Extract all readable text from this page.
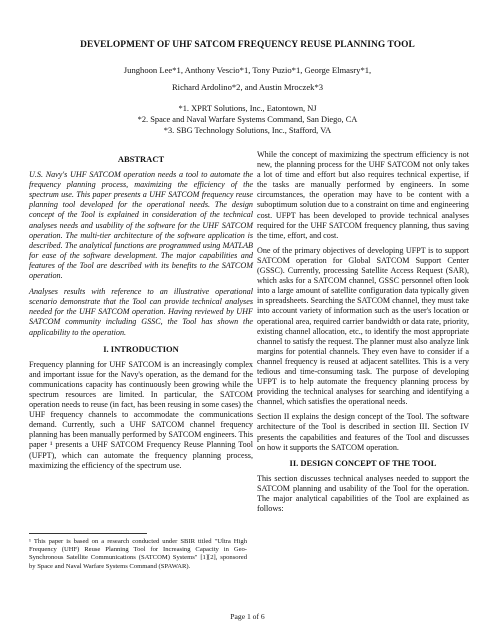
DEVELOPMENT OF UHF SATCOM FREQUENCY REUSE PLANNING TOOL
Junghoon Lee*1, Anthony Vescio*1, Tony Puzio*1, George Elmasry*1,
Richard Ardolino*2, and Austin Mroczek*3
*1. XPRT Solutions, Inc., Eatontown, NJ
*2. Space and Naval Warfare Systems Command, San Diego, CA
*3. SBG Technology Solutions, Inc., Stafford, VA
ABSTRACT

U.S. Navy's UHF SATCOM operation needs a tool to automate the frequency planning process, maximizing the efficiency of the spectrum use. This paper presents a UHF SATCOM frequency reuse planning tool developed for the operational needs. The design concept of the Tool is explained in consideration of the technical analyses needs and usability of the software for the UHF SATCOM operation. The multi-tier architecture of the software application is described. The analytical functions are programmed using MATLAB for ease of the software development. The major capabilities and features of the Tool are described with its benefits to the SATCOM operation.

Analyses results with reference to an illustrative operational scenario demonstrate that the Tool can provide technical analyses needed for the UHF SATCOM operation. Having reviewed by UHF SATCOM community including GSSC, the Tool has shown the applicability to the operation.

I. INTRODUCTION

Frequency planning for UHF SATCOM is an increasingly complex and important issue for the Navy's operation, as the demand for the communications capacity has continuously been growing while the spectrum resources are limited. In particular, the SATCOM operation needs to reuse (in fact, has been reusing in some cases) the UHF frequency channels to accommodate the communications demand. Currently, such a UHF SATCOM channel frequency planning has been manually performed by SATCOM engineers. This paper ¹ presents a UHF SATCOM Frequency Reuse Planning Tool (UFPT), which can automate the frequency planning process, maximizing the efficiency of the spectrum use.

¹ This paper is based on a research conducted under SBIR titled "Ultra High Frequency (UHF) Reuse Planning Tool for Increasing Capacity in Geo-Synchronous Satellite Communications (SATCOM) Systems" [1][2], sponsored by Space and Naval Warfare Systems Command (SPAWAR).

While the concept of maximizing the spectrum efficiency is not new, the planning process for the UHF SATCOM not only takes a lot of time and effort but also requires technical expertise, if the tasks are manually performed by engineers. In some circumstances, the operation may have to be content with a suboptimum solution due to a constraint on time and engineering cost. UFPT has been developed to provide technical analyses required for the UHF SATCOM frequency planning, thus saving the time, effort, and cost.

One of the primary objectives of developing UFPT is to support SATCOM operation for Global SATCOM Support Center (GSSC). Currently, processing Satellite Access Request (SAR), which asks for a SATCOM channel, GSSC personnel often look into a large amount of satellite configuration data typically given in spreadsheets. Searching the SATCOM channel, they must take into account variety of information such as the user's location or operational area, required carrier bandwidth or data rate, priority, existing channel allocation, etc., to identify the most appropriate channel to satisfy the request. The planner must also analyze link margins for potential channels. They even have to consider if a channel frequency is reused at adjacent satellites. This is a very tedious and time-consuming task. The purpose of developing UFPT is to help automate the frequency planning process by providing the technical analyses for searching and identifying a channel, which satisfies the operational needs.

Section II explains the design concept of the Tool. The software architecture of the Tool is described in section III. Section IV presents the capabilities and features of the Tool and discusses on how it supports the SATCOM operation.

II. DESIGN CONCEPT OF THE TOOL

This section discusses technical analyses needed to support the SATCOM planning and usability of the Tool for the operation. The major analytical capabilities of the Tool are explained as follows:

Page 1 of 6
